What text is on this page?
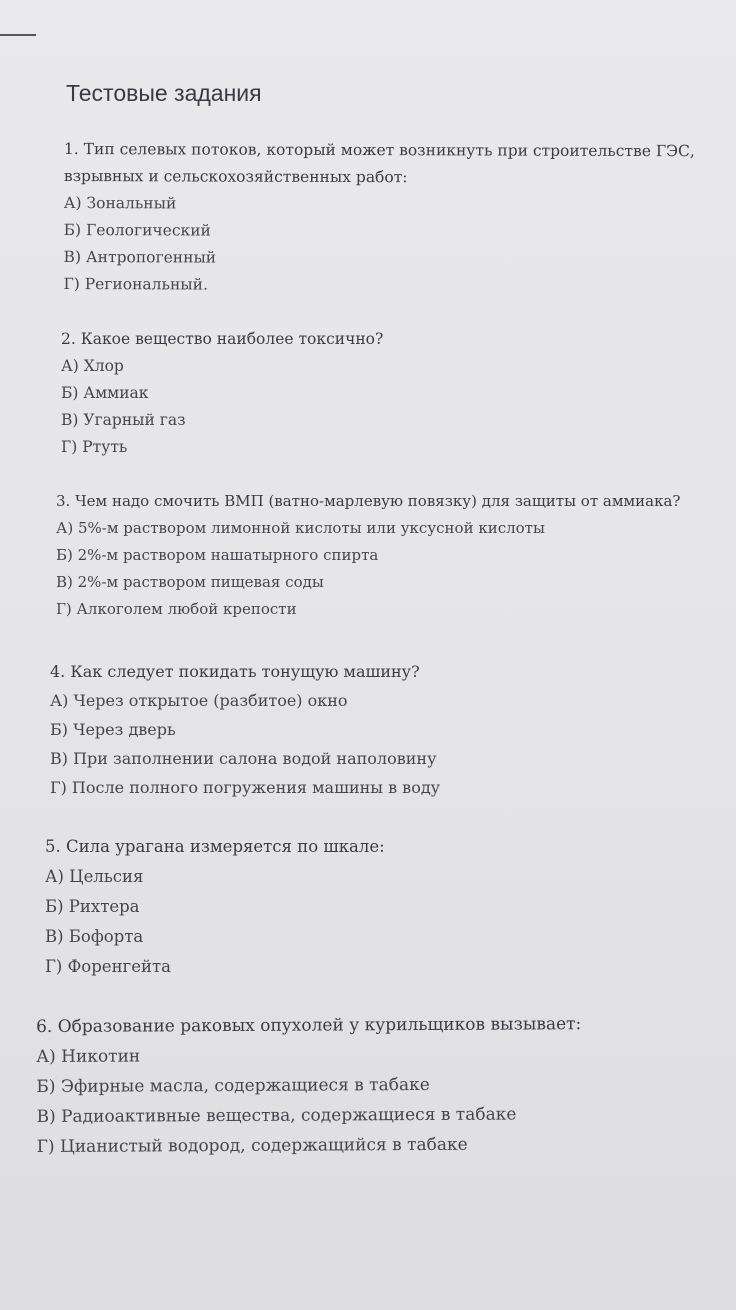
Тестовые задания
1. Тип селевых потоков, который может возникнуть при строительстве ГЭС,
взрывных и сельскохозяйственных работ:
А) Зональный
Б) Геологический
В) Антропогенный
Г) Региональный.
2. Какое вещество наиболее токсично?
А) Хлор
Б) Аммиак
В) Угарный газ
Г) Ртуть
3. Чем надо смочить ВМП (ватно-марлевую повязку) для защиты от аммиака?
А) 5%-м раствором лимонной кислоты или уксусной кислоты
Б) 2%-м раствором нашатырного спирта
В) 2%-м раствором пищевая соды
Г) Алкоголем любой крепости
4. Как следует покидать тонущую машину?
А) Через открытое (разбитое) окно
Б) Через дверь
В) При заполнении салона водой наполовину
Г) После полного погружения машины в воду
5. Сила урагана измеряется по шкале:
А) Цельсия
Б) Рихтера
В) Бофорта
Г) Форенгейта
6. Образование раковых опухолей у курильщиков вызывает:
А) Никотин
Б) Эфирные масла, содержащиеся в табаке
В) Радиоактивные вещества, содержащиеся в табаке
Г) Цианистый водород, содержащийся в табаке
